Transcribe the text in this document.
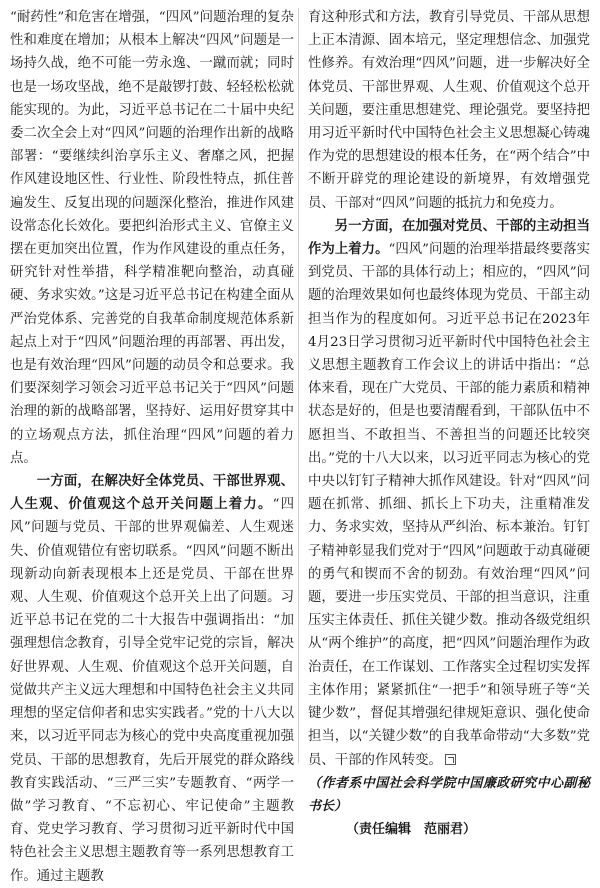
“耐药性”和危害在增强，“四风”问题治理的复杂性和难度在增加；从根本上解决“四风”问题是一场持久战，绝不可能一劳永逸、一蹴而就；同时也是一场攻坚战，绝不是敲锣打鼓、轻轻松松就能实现的。为此，习近平总书记在二十届中央纪委二次全会上对“四风”问题的治理作出新的战略部署：“要继续纠治享乐主义、奢靡之风，把握作风建设地区性、行业性、阶段性特点，抓住普遍发生、反复出现的问题深化整治，推进作风建设常态化长效化。要把纠治形式主义、官僚主义摆在更加突出位置，作为作风建设的重点任务，研究针对性举措，科学精准靶向整治，动真碰硬、务求实效。”这是习近平总书记在构建全面从严治党体系、完善党的自我革命制度规范体系新起点上对于“四风”问题治理的再部署、再出发，也是有效治理“四风”问题的动员令和总要求。我们要深刻学习领会习近平总书记关于“四风”问题治理的新的战略部署，坚持好、运用好贯穿其中的立场观点方法，抓住治理“四风”问题的着力点。

一方面，在解决好全体党员、干部世界观、人生观、价值观这个总开关问题上着力。“四风”问题与党员、干部的世界观偏差、人生观迷失、价值观错位有密切联系。“四风”问题不断出现新动向新表现根本上还是党员、干部在世界观、人生观、价值观这个总开关上出了问题。习近平总书记在党的二十大报告中强调指出：“加强理想信念教育，引导全党牢记党的宗旨，解决好世界观、人生观、价值观这个总开关问题，自觉做共产主义远大理想和中国特色社会主义共同理想的坚定信仰者和忠实实践者。”党的十八大以来，以习近平同志为核心的党中央高度重视加强党员、干部的思想教育，先后开展党的群众路线教育实践活动、“三严三实”专题教育、“两学一做”学习教育、“不忘初心、牢记使命”主题教育、党史学习教育、学习贯彻习近平新时代中国特色社会主义思想主题教育等一系列思想教育工作。通过主题教

育这种形式和方法，教育引导党员、干部从思想上正本清源、固本培元，坚定理想信念、加强党性修养。有效治理“四风”问题，进一步解决好全体党员、干部世界观、人生观、价值观这个总开关问题，要注重思想建党、理论强党。要坚持把用习近平新时代中国特色社会主义思想凝心铸魂作为党的思想建设的根本任务，在“两个结合”中不断开辟党的理论建设的新境界，有效增强党员、干部对“四风”问题的抵抗力和免疫力。

另一方面，在加强对党员、干部的主动担当作为上着力。“四风”问题的治理举措最终要落实到党员、干部的具体行动上；相应的，“四风”问题的治理效果如何也最终体现为党员、干部主动担当作为的程度如何。习近平总书记在2023年4月23日学习贯彻习近平新时代中国特色社会主义思想主题教育工作会议上的讲话中指出：“总体来看，现在广大党员、干部的能力素质和精神状态是好的，但是也要清醒看到，干部队伍中不愿担当、不敢担当、不善担当的问题还比较突出。”党的十八大以来，以习近平同志为核心的党中央以钉钉子精神大抓作风建设。针对“四风”问题在抓常、抓细、抓长上下功夫，注重精准发力、务求实效，坚持从严纠治、标本兼治。钉钉子精神彰显我们党对于“四风”问题敢于动真碰硬的勇气和锲而不舍的韧劲。有效治理“四风”问题，要进一步压实党员、干部的担当意识，注重压实主体责任、抓住关键少数。推动各级党组织从“两个维护”的高度，把“四风”问题治理作为政治责任，在工作谋划、工作落实全过程切实发挥主体作用；紧紧抓住“一把手”和领导班子等“关键少数”，督促其增强纪律规矩意识、强化使命担当，以“关键少数”的自我革命带动“大多数”党员、干部的作风转变。

（作者系中国社会科学院中国廉政研究中心副秘书长）

（责任编辑　范丽君）
